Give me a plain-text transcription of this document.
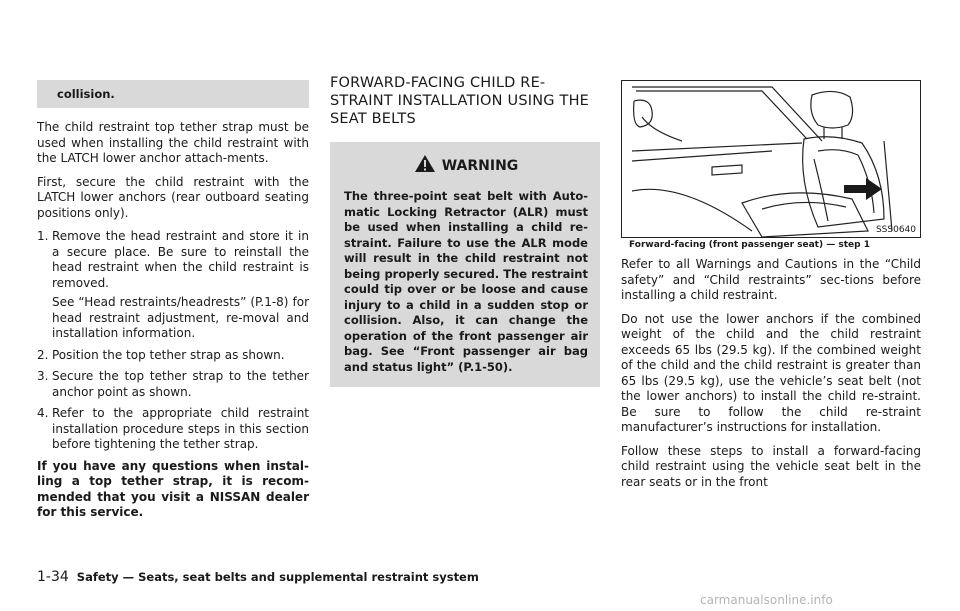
collision.

The child restraint top tether strap must be used when installing the child restraint with the LATCH lower anchor attach-ments.

First, secure the child restraint with the LATCH lower anchors (rear outboard seating positions only).

1. Remove the head restraint and store it in a secure place. Be sure to reinstall the head restraint when the child restraint is removed.
See “Head restraints/headrests” (P.1-8) for head restraint adjustment, re-moval and installation information.
2. Position the top tether strap as shown.
3. Secure the top tether strap to the tether anchor point as shown.
4. Refer to the appropriate child restraint installation procedure steps in this section before tightening the tether strap.

If you have any questions when instal-ling a top tether strap, it is recom-mended that you visit a NISSAN dealer for this service.

FORWARD-FACING CHILD RE-STRAINT INSTALLATION USING THE SEAT BELTS
WARNING
The three-point seat belt with Auto-matic Locking Retractor (ALR) must be used when installing a child re-straint. Failure to use the ALR mode will result in the child restraint not being properly secured. The restraint could tip over or be loose and cause injury to a child in a sudden stop or collision. Also, it can change the operation of the front passenger air bag. See “Front passenger air bag and status light” (P.1-50).
SSS0640
Forward-facing (front passenger seat) — step 1

Refer to all Warnings and Cautions in the “Child safety” and “Child restraints” sec-tions before installing a child restraint.

Do not use the lower anchors if the combined weight of the child and the child restraint exceeds 65 lbs (29.5 kg). If the combined weight of the child and the child restraint is greater than 65 lbs (29.5 kg), use the vehicle’s seat belt (not the lower anchors) to install the child re-straint. Be sure to follow the child re-straint manufacturer’s instructions for installation.

Follow these steps to install a forward-facing child restraint using the vehicle seat belt in the rear seats or in the front

1-34 Safety — Seats, seat belts and supplemental restraint system
carmanualsonline.info
